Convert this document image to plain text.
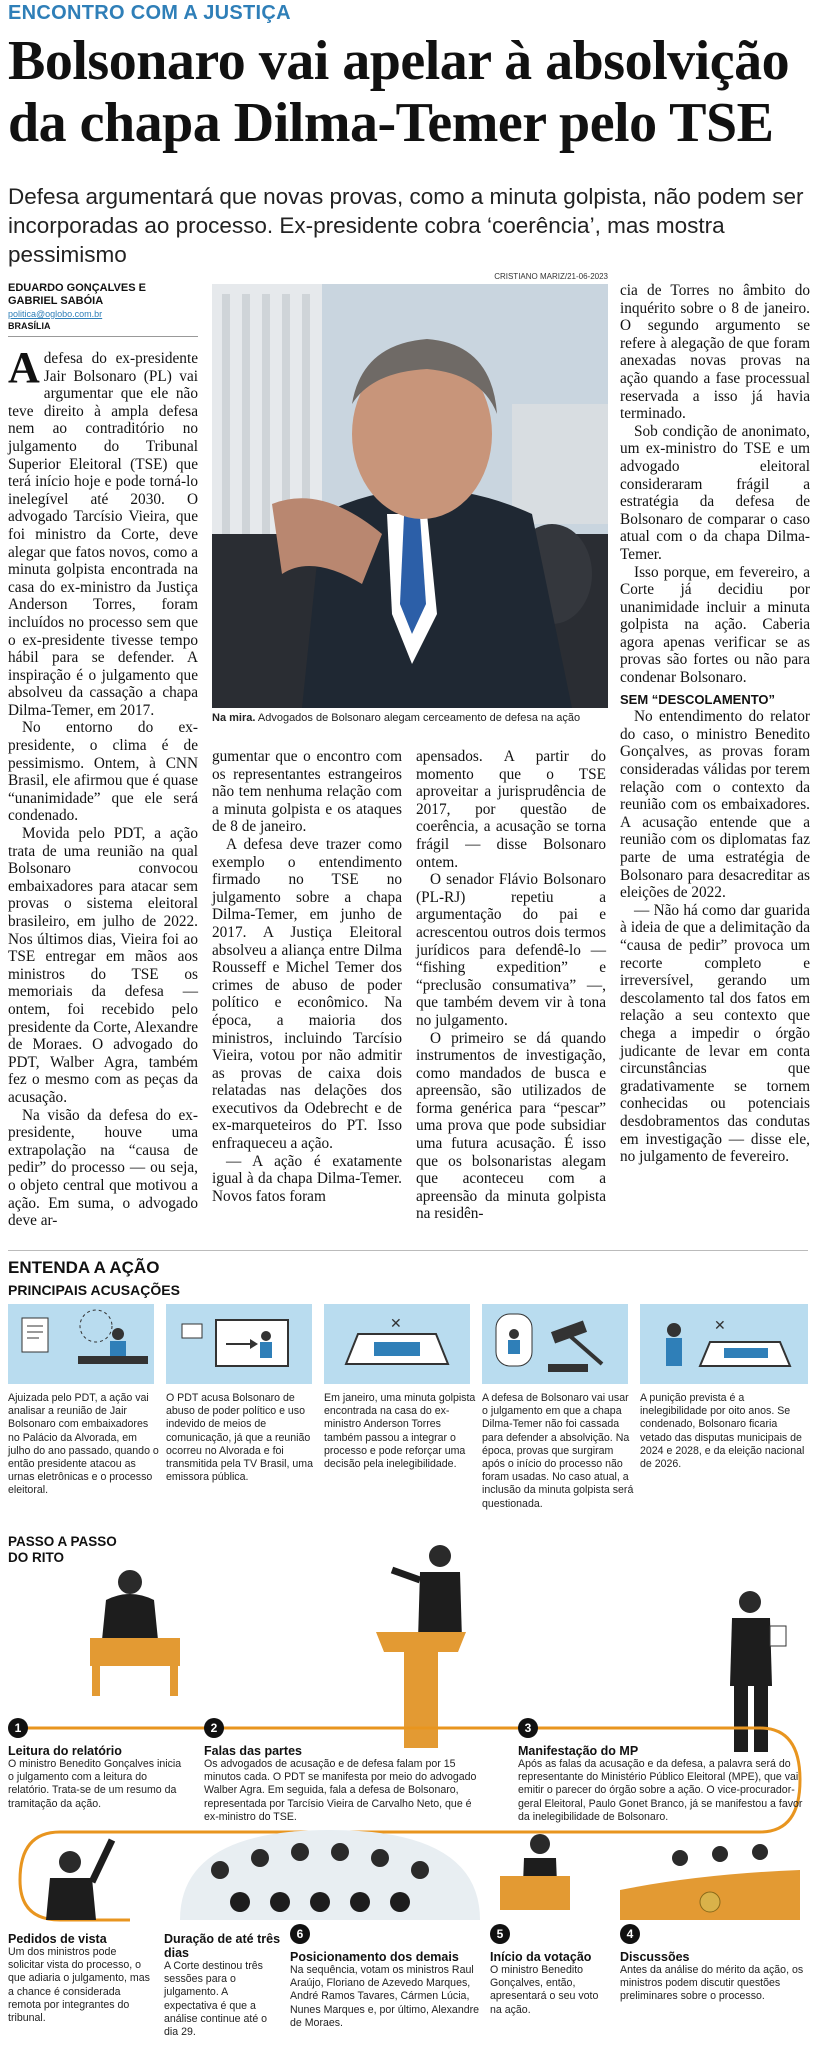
ENCONTRO COM A JUSTIÇA
Bolsonaro vai apelar à absolvição da chapa Dilma-Temer pelo TSE
Defesa argumentará que novas provas, como a minuta golpista, não podem ser incorporadas ao processo. Ex-presidente cobra ‘coerência’, mas mostra pessimismo
EDUARDO GONÇALVES E GABRIEL SABÓIA
politica@oglobo.com.br
BRASÍLIA

Adefesa do ex-presidente Jair Bolsonaro (PL) vai argumentar que ele não teve direito à ampla defesa nem ao contraditório no julgamento do Tribunal Superior Eleitoral (TSE) que terá início hoje e pode torná-lo inelegível até 2030. O advogado Tarcísio Vieira, que foi ministro da Corte, deve alegar que fatos novos, como a minuta golpista encontrada na casa do ex-ministro da Justiça Anderson Torres, foram incluídos no processo sem que o ex-presidente tivesse tempo hábil para se defender. A inspiração é o julgamento que absolveu da cassação a chapa Dilma-Temer, em 2017.

No entorno do ex-presidente, o clima é de pessimismo. Ontem, à CNN Brasil, ele afirmou que é quase “unanimidade” que ele será condenado.

Movida pelo PDT, a ação trata de uma reunião na qual Bolsonaro convocou embaixadores para atacar sem provas o sistema eleitoral brasileiro, em julho de 2022. Nos últimos dias, Vieira foi ao TSE entregar em mãos aos ministros do TSE os memoriais da defesa — ontem, foi recebido pelo presidente da Corte, Alexandre de Moraes. O advogado do PDT, Walber Agra, também fez o mesmo com as peças da acusação.

Na visão da defesa do ex-presidente, houve uma extrapolação na “causa de pedir” do processo — ou seja, o objeto central que motivou a ação. Em suma, o advogado deve ar-

CRISTIANO MARIZ/21-06-2023
Na mira. Advogados de Bolsonaro alegam cerceamento de defesa na ação

gumentar que o encontro com os representantes estrangeiros não tem nenhuma relação com a minuta golpista e os ataques de 8 de janeiro.

A defesa deve trazer como exemplo o entendimento firmado no TSE no julgamento sobre a chapa Dilma-Temer, em junho de 2017. A Justiça Eleitoral absolveu a aliança entre Dilma Rousseff e Michel Temer dos crimes de abuso de poder político e econômico. Na época, a maioria dos ministros, incluindo Tarcísio Vieira, votou por não admitir as provas de caixa dois relatadas nas delações dos executivos da Odebrecht e de ex-marqueteiros do PT. Isso enfraqueceu a ação.

— A ação é exatamente igual à da chapa Dilma-Temer. Novos fatos foram

apensados. A partir do momento que o TSE aproveitar a jurisprudência de 2017, por questão de coerência, a acusação se torna frágil — disse Bolsonaro ontem.

O senador Flávio Bolsonaro (PL-RJ) repetiu a argumentação do pai e acrescentou outros dois termos jurídicos para defendê-lo — “fishing expedition” e “preclusão consumativa” —, que também devem vir à tona no julgamento.

O primeiro se dá quando instrumentos de investigação, como mandados de busca e apreensão, são utilizados de forma genérica para “pescar” uma prova que pode subsidiar uma futura acusação. É isso que os bolsonaristas alegam que aconteceu com a apreensão da minuta golpista na residên-

cia de Torres no âmbito do inquérito sobre o 8 de janeiro. O segundo argumento se refere à alegação de que foram anexadas novas provas na ação quando a fase processual reservada a isso já havia terminado.

Sob condição de anonimato, um ex-ministro do TSE e um advogado eleitoral consideraram frágil a estratégia da defesa de Bolsonaro de comparar o caso atual com o da chapa Dilma-Temer.

Isso porque, em fevereiro, a Corte já decidiu por unanimidade incluir a minuta golpista na ação. Caberia agora apenas verificar se as provas são fortes ou não para condenar Bolsonaro.

SEM “DESCOLAMENTO”

No entendimento do relator do caso, o ministro Benedito Gonçalves, as provas foram consideradas válidas por terem relação com o contexto da reunião com os embaixadores. A acusação entende que a reunião com os diplomatas faz parte de uma estratégia de Bolsonaro para desacreditar as eleições de 2022.

— Não há como dar guarida à ideia de que a delimitação da “causa de pedir” provoca um recorte completo e irreversível, gerando um descolamento tal dos fatos em relação a seu contexto que chega a impedir o órgão judicante de levar em conta circunstâncias que gradativamente se tornem conhecidas ou potenciais desdobramentos das condutas em investigação — disse ele, no julgamento de fevereiro.

ENTENDA A AÇÃO
PRINCIPAIS ACUSAÇÕES
✕	✕
Ajuizada pelo PDT, a ação vai analisar a reunião de Jair Bolsonaro com embaixadores no Palácio da Alvorada, em julho do ano passado, quando o então presidente atacou as urnas eletrônicas e o processo eleitoral.
O PDT acusa Bolsonaro de abuso de poder político e uso indevido de meios de comunicação, já que a reunião ocorreu no Alvorada e foi transmitida pela TV Brasil, uma emissora pública.
Em janeiro, uma minuta golpista encontrada na casa do ex-ministro Anderson Torres também passou a integrar o processo e pode reforçar uma decisão pela inelegibilidade.
A defesa de Bolsonaro vai usar o julgamento em que a chapa Dilma-Temer não foi cassada para defender a absolvição. Na época, provas que surgiram após o início do processo não foram usadas. No caso atual, a inclusão da minuta golpista será questionada.
A punição prevista é a inelegibilidade por oito anos. Se condenado, Bolsonaro ficaria vetado das disputas municipais de 2024 e 2028, e da eleição nacional de 2026.
PASSO A PASSO DO RITO
1	2	3
4
5
6
Leitura do relatório
O ministro Benedito Gonçalves inicia o julgamento com a leitura do relatório. Trata-se de um resumo da tramitação da ação.
Falas das partes
Os advogados de acusação e de defesa falam por 15 minutos cada. O PDT se manifesta por meio do advogado Walber Agra. Em seguida, fala a defesa de Bolsonaro, representada por Tarcísio Vieira de Carvalho Neto, que é ex-ministro do TSE.
Manifestação do MP
Após as falas da acusação e da defesa, a palavra será do representante do Ministério Público Eleitoral (MPE), que vai emitir o parecer do órgão sobre a ação. O vice-procurador-geral Eleitoral, Paulo Gonet Branco, já se manifestou a favor da inelegibilidade de Bolsonaro.
Discussões
Antes da análise do mérito da ação, os ministros podem discutir questões preliminares sobre o processo.
Início da votação
O ministro Benedito Gonçalves, então, apresentará o seu voto na ação.
Posicionamento dos demais
Na sequência, votam os ministros Raul Araújo, Floriano de Azevedo Marques, André Ramos Tavares, Cármen Lúcia, Nunes Marques e, por último, Alexandre de Moraes.
Duração de até três dias
A Corte destinou três sessões para o julgamento. A expectativa é que a análise continue até o dia 29.
Pedidos de vista
Um dos ministros pode solicitar vista do processo, o que adiaria o julgamento, mas a chance é considerada remota por integrantes do tribunal.
